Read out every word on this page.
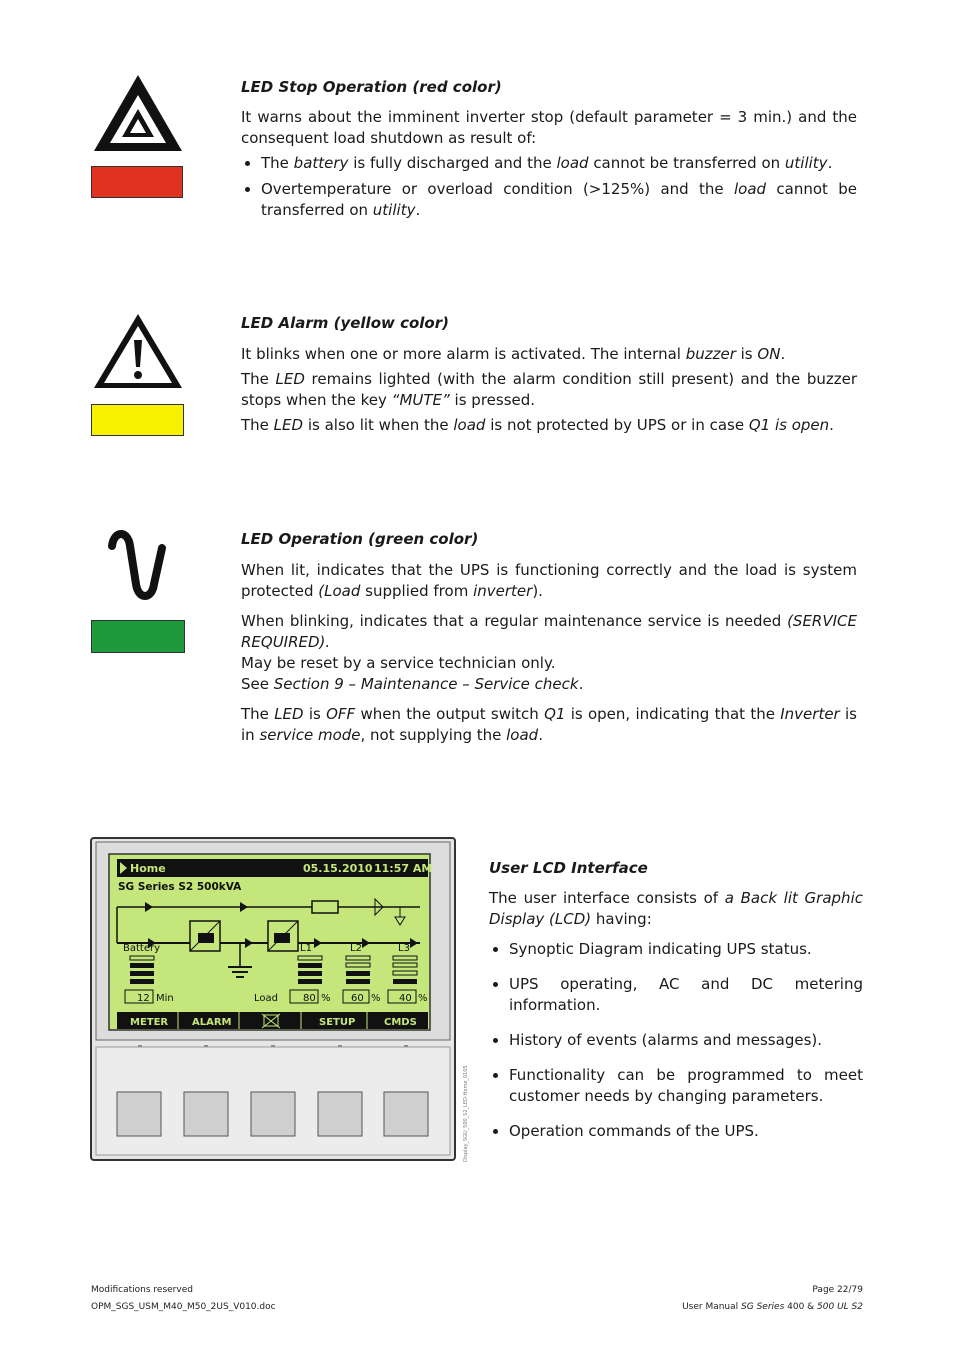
LED Stop Operation (red color)

It warns about the imminent inverter stop (default parameter = 3 min.) and the consequent load shutdown as result of:

• The battery is fully discharged and the load cannot be transferred on utility.
• Overtemperature or overload condition (>125%) and the load cannot be transferred on utility.
LED Alarm (yellow color)

It blinks when one or more alarm is activated. The internal buzzer is ON.

The LED remains lighted (with the alarm condition still present) and the buzzer stops when the key “MUTE” is pressed.

The LED is also lit when the load is not protected by UPS or in case Q1 is open.

LED Operation (green color)

When lit, indicates that the UPS is functioning correctly and the load is system protected (Load supplied from inverter).

When blinking, indicates that a regular maintenance service is needed (SERVICE REQUIRED).

May be reset by a service technician only.

See Section 9 – Maintenance – Service check.

The LED is OFF when the output switch Q1 is open, indicating that the Inverter is in service mode, not supplying the load.

Home	05.15.2010 11:57 AM
SG Series S2 500kVA
Battery
12 Min	Load
L1
80 %
L2
60 %
L3
40 %
METER ALARM	SETUP	CMDS
Display_SGU_500_S2_LED-Home_0105
User LCD Interface

The user interface consists of a Back lit Graphic Display (LCD) having:

• Synoptic Diagram indicating UPS status.
• UPS operating, AC and DC metering information.
• History of events (alarms and messages).
• Functionality can be programmed to meet customer needs by changing parameters.
• Operation commands of the UPS.
Modifications reserved
OPM_SGS_USM_M40_M50_2US_V010.doc
Page 22/79
User Manual SG Series 400 & 500 UL S2
